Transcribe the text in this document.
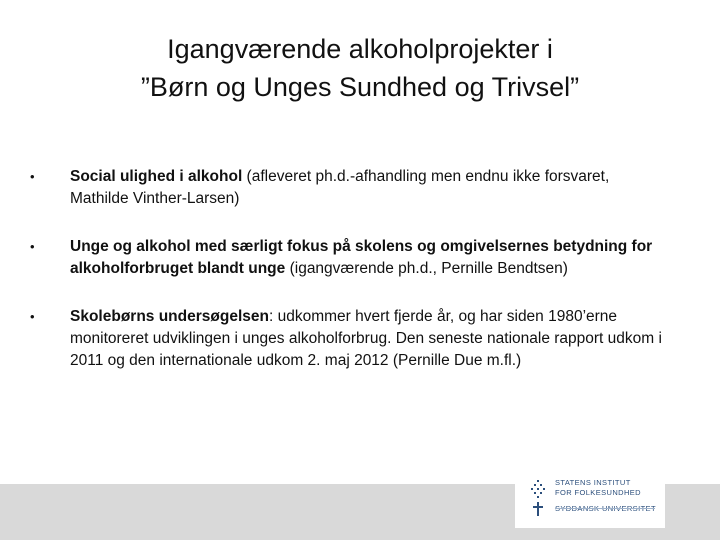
Igangværende alkoholprojekter i
”Børn og Unges Sundhed og Trivsel”
• Social ulighed i alkohol (afleveret ph.d.-afhandling men endnu ikke forsvaret, Mathilde Vinther-Larsen)
• Unge og alkohol med særligt fokus på skolens og omgivelsernes betydning for alkoholforbruget blandt unge (igangværende ph.d., Pernille Bendtsen)
• Skolebørns undersøgelsen: udkommer hvert fjerde år, og har siden 1980’erne monitoreret udviklingen i unges alkoholforbrug. Den seneste nationale rapport udkom i 2011 og den internationale udkom 2. maj 2012 (Pernille Due m.fl.)
STATENS INSTITUT
FOR FOLKESUNDHED
